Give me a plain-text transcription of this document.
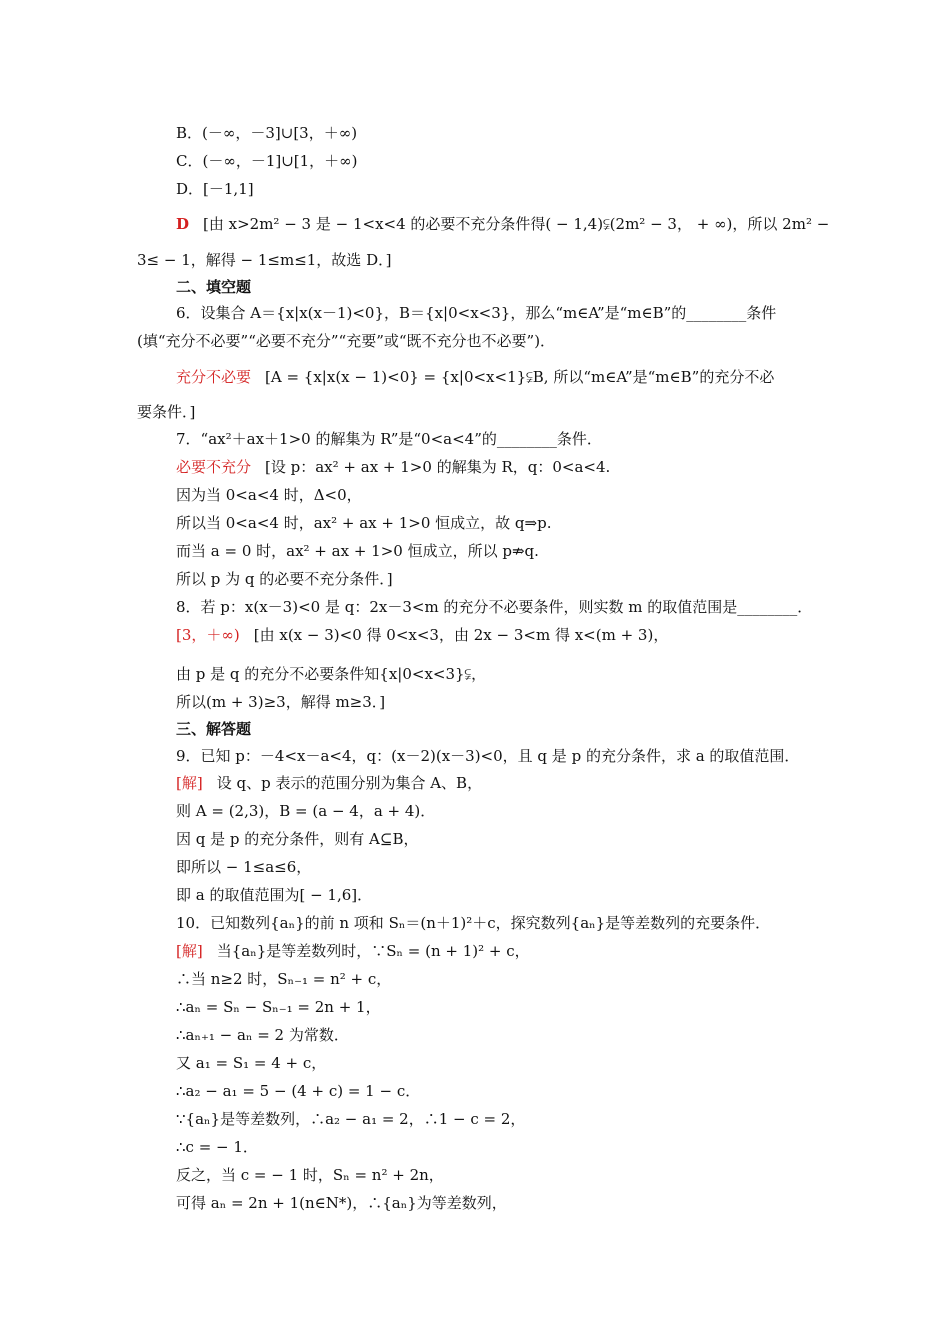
B．(－∞，－3]∪[3，＋∞)
C．(－∞，－1]∪[1，＋∞)
D．[－1,1]
D [由 x>2m² − 3 是 − 1<x<4 的必要不充分条件得( − 1,4)⫋(2m² − 3， + ∞)，所以 2m² −
3≤ − 1，解得 − 1≤m≤1，故选 D．]
二、填空题
6．设集合 A＝{x|x(x－1)<0}，B＝{x|0<x<3}，那么“m∈A”是“m∈B”的________条件
(填“充分不必要”“必要不充分”“充要”或“既不充分也不必要”)．
充分不必要 [A = {x|x(x − 1)<0} = {x|0<x<1}⫋B, 所以“m∈A”是“m∈B”的充分不必
要条件．]
7．“ax²＋ax＋1>0 的解集为 R”是“0<a<4”的________条件．
必要不充分 [设 p：ax² + ax + 1>0 的解集为 R，q：0<a<4.
因为当 0<a<4 时，Δ<0，
所以当 0<a<4 时，ax² + ax + 1>0 恒成立，故 q⇒p.
而当 a = 0 时，ax² + ax + 1>0 恒成立，所以 p⇏q.
所以 p 为 q 的必要不充分条件．]
8．若 p：x(x－3)<0 是 q：2x－3<m 的充分不必要条件，则实数 m 的取值范围是________．
[3，＋∞) [由 x(x − 3)<0 得 0<x<3，由 2x − 3<m 得 x<(m + 3)，
由 p 是 q 的充分不必要条件知{x|0<x<3}⫋，
所以(m + 3)≥3，解得 m≥3．]
三、解答题
9．已知 p：－4<x－a<4，q：(x－2)(x－3)<0，且 q 是 p 的充分条件，求 a 的取值范围．
[解] 设 q、p 表示的范围分别为集合 A、B，
则 A = (2,3)，B = (a − 4，a + 4)．
因 q 是 p 的充分条件，则有 A⊆B，
即所以 − 1≤a≤6，
即 a 的取值范围为[ − 1,6]．
10．已知数列{aₙ}的前 n 项和 Sₙ＝(n＋1)²＋c，探究数列{aₙ}是等差数列的充要条件．
[解] 当{aₙ}是等差数列时，∵Sₙ = (n + 1)² + c，
∴当 n≥2 时，Sₙ₋₁ = n² + c，
∴aₙ = Sₙ − Sₙ₋₁ = 2n + 1，
∴aₙ₊₁ − aₙ = 2 为常数．
又 a₁ = S₁ = 4 + c，
∴a₂ − a₁ = 5 − (4 + c) = 1 − c．
∵{aₙ}是等差数列，∴a₂ − a₁ = 2，∴1 − c = 2，
∴c = − 1．
反之，当 c = − 1 时，Sₙ = n² + 2n，
可得 aₙ = 2n + 1(n∈N*)，∴{aₙ}为等差数列，
